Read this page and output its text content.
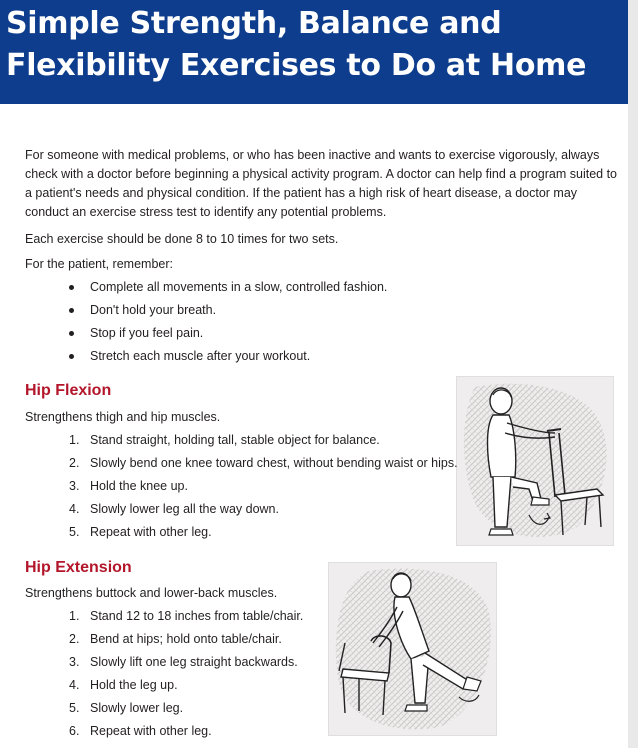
Simple Strength, Balance and
Flexibility Exercises to Do at Home

For someone with medical problems, or who has been inactive and wants to exercise vigorously, always check with a doctor before beginning a physical activity program. A doctor can help find a program suited to a patient's needs and physical condition. If the patient has a high risk of heart disease, a doctor may conduct an exercise stress test to identify any potential problems.

Each exercise should be done 8 to 10 times for two sets.

For the patient, remember:

Complete all movements in a slow, controlled fashion.
Don't hold your breath.
Stop if you feel pain.
Stretch each muscle after your workout.
Hip Flexion

Strengthens thigh and hip muscles.

1. Stand straight, holding tall, stable object for balance.
2. Slowly bend one knee toward chest, without bending waist or hips.
3. Hold the knee up.
4. Slowly lower leg all the way down.
5. Repeat with other leg.
Hip Extension

Strengthens buttock and lower-back muscles.

1. Stand 12 to 18 inches from table/chair.
2. Bend at hips; hold onto table/chair.
3. Slowly lift one leg straight backwards.
4. Hold the leg up.
5. Slowly lower leg.
6. Repeat with other leg.
